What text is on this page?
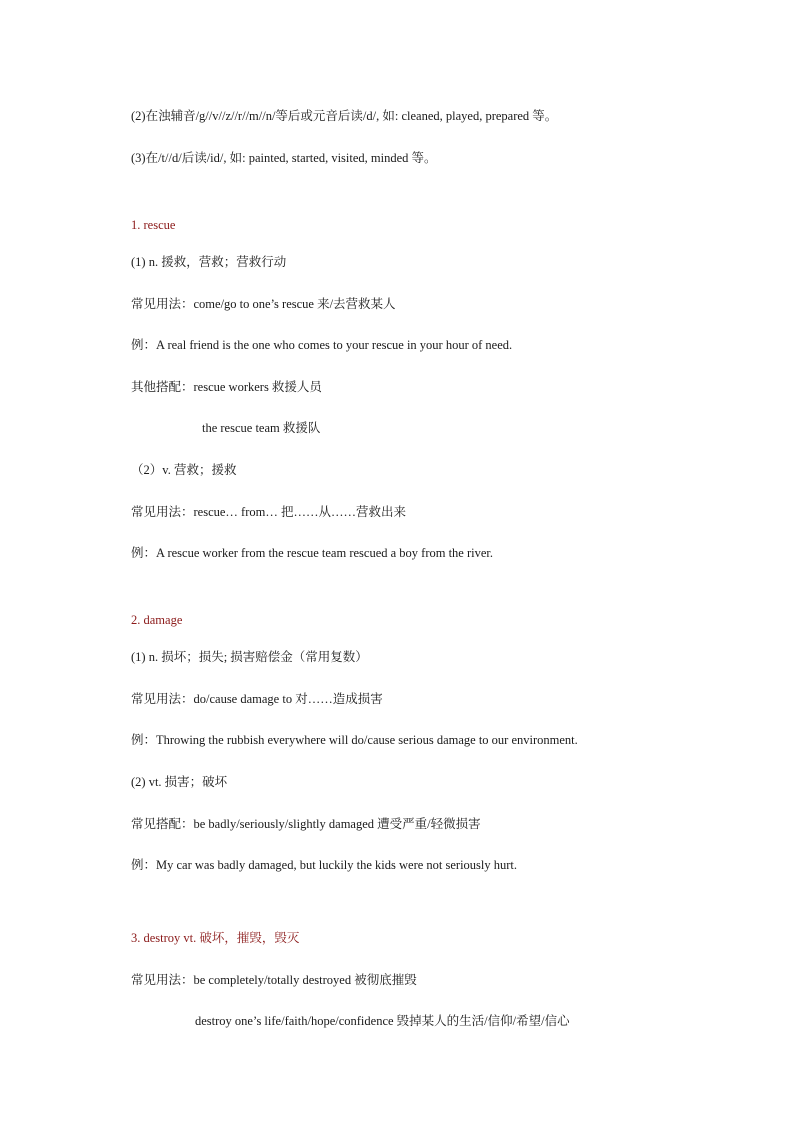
(2)在浊辅音/g//v//z//r//m//n/等后或元音后读/d/, 如: cleaned, played, prepared 等。
(3)在/t//d/后读/id/, 如: painted, started, visited, minded 等。
1. rescue
(1) n. 援救，营救；营救行动
常见用法：come/go to one’s rescue 来/去营救某人
例：A real friend is the one who comes to your rescue in your hour of need.
其他搭配：rescue workers 救援人员
the rescue team 救援队
（2）v. 营救；援救
常见用法：rescue… from… 把……从……营救出来
例：A rescue worker from the rescue team rescued a boy from the river.
2. damage
(1) n. 损坏；损失; 损害赔偿金（常用复数）
常见用法：do/cause damage to 对……造成损害
例：Throwing the rubbish everywhere will do/cause serious damage to our environment.
(2) vt. 损害；破坏
常见搭配：be badly/seriously/slightly damaged 遭受严重/轻微损害
例：My car was badly damaged, but luckily the kids were not seriously hurt.
3. destroy vt. 破坏，摧毁，毁灭
常见用法：be completely/totally destroyed 被彻底摧毁
destroy one’s life/faith/hope/confidence 毁掉某人的生活/信仰/希望/信心
